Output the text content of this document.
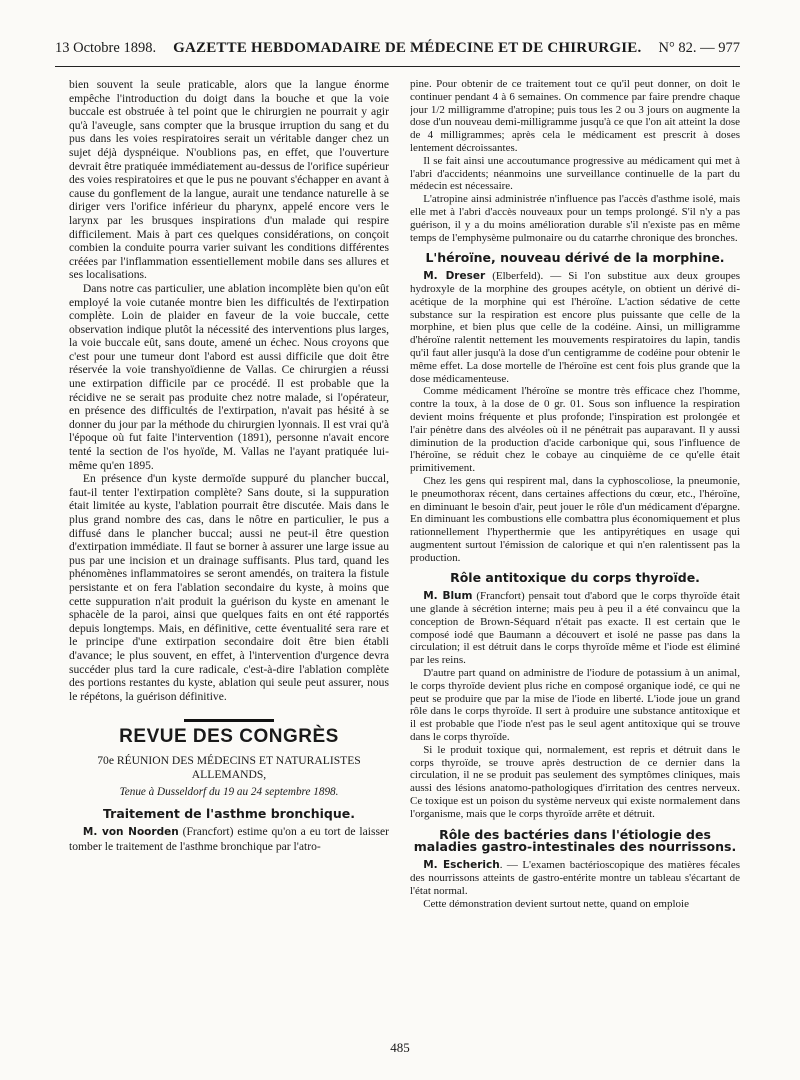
13 Octobre 1898. GAZETTE HEBDOMADAIRE DE MÉDECINE ET DE CHIRURGIE. N° 82. — 977

bien souvent la seule praticable, alors que la langue énorme empêche l'introduction du doigt dans la bouche et que la voie buccale est obstruée à tel point que le chirurgien ne pourrait y agir qu'à l'aveugle, sans compter que la brusque irruption du sang et du pus dans les voies respiratoires serait un véritable danger chez un sujet déjà dyspnéique. N'oublions pas, en effet, que l'ouverture devrait être pratiquée immédiatement au-dessus de l'orifice supérieur des voies respiratoires et que le pus ne pouvant s'échapper en avant à cause du gonflement de la langue, aurait une tendance naturelle à se diriger vers l'orifice inférieur du pharynx, appelé encore vers le larynx par les brusques inspirations d'un malade qui respire difficilement. Mais à part ces quelques considérations, on conçoit combien la conduite pourra varier suivant les conditions différentes créées par l'inflammation essentiellement mobile dans ses allures et ses localisations.

Dans notre cas particulier, une ablation incomplète bien qu'on eût employé la voie cutanée montre bien les difficultés de l'extirpation complète. Loin de plaider en faveur de la voie buccale, cette observation indique plutôt la nécessité des interventions plus larges, la voie buccale eût, sans doute, amené un échec. Nous croyons que c'est pour une tumeur dont l'abord est aussi difficile que doit être réservée la voie transhyoïdienne de Vallas. Ce chirurgien a réussi une extirpation difficile par ce procédé. Il est probable que la récidive ne se serait pas produite chez notre malade, si l'opérateur, en présence des difficultés de l'extirpation, n'avait pas hésité à se donner du jour par la méthode du chirurgien lyonnais. Il est vrai qu'à l'époque où fut faite l'intervention (1891), personne n'avait encore tenté la section de l'os hyoïde, M. Vallas ne l'ayant pratiquée lui-même qu'en 1895.

En présence d'un kyste dermoïde suppuré du plancher buccal, faut-il tenter l'extirpation complète? Sans doute, si la suppuration était limitée au kyste, l'ablation pourrait être discutée. Mais dans le plus grand nombre des cas, dans le nôtre en particulier, le pus a diffusé dans le plancher buccal; aussi ne peut-il être question d'extirpation immédiate. Il faut se borner à assurer une large issue au pus par une incision et un drainage suffisants. Plus tard, quand les phénomènes inflammatoires se seront amendés, on traitera la fistule persistante et on fera l'ablation secondaire du kyste, à moins que cette suppuration n'ait produit la guérison du kyste en amenant le sphacèle de la paroi, ainsi que quelques faits en ont été rapportés depuis longtemps. Mais, en définitive, cette éventualité sera rare et le principe d'une extirpation secondaire doit être bien établi d'avance; le plus souvent, en effet, à l'intervention d'urgence devra succéder plus tard la cure radicale, c'est-à-dire l'ablation complète des portions restantes du kyste, ablation qui seule peut assurer, nous le répétons, la guérison définitive.

REVUE DES CONGRÈS
70e RÉUNION DES MÉDECINS ET NATURALISTES ALLEMANDS,
Tenue à Dusseldorf du 19 au 24 septembre 1898.
Traitement de l'asthme bronchique.

M. von Noorden (Francfort) estime qu'on a eu tort de laisser tomber le traitement de l'asthme bronchique par l'atro-

pine. Pour obtenir de ce traitement tout ce qu'il peut donner, on doit le continuer pendant 4 à 6 semaines. On commence par faire prendre chaque jour 1/2 milligramme d'atropine; puis tous les 2 ou 3 jours on augmente la dose d'un nouveau demi-milligramme jusqu'à ce que l'on ait atteint la dose de 4 milligrammes; après cela le médicament est prescrit à doses lentement décroissantes.

Il se fait ainsi une accoutumance progressive au médicament qui met à l'abri d'accidents; néanmoins une surveillance continuelle de la part du médecin est nécessaire.

L'atropine ainsi administrée n'influence pas l'accès d'asthme isolé, mais elle met à l'abri d'accès nouveaux pour un temps prolongé. S'il n'y a pas guérison, il y a du moins amélioration durable s'il n'existe pas en même temps de l'emphysème pulmonaire ou du catarrhe chronique des bronches.

L'héroïne, nouveau dérivé de la morphine.

M. Dreser (Elberfeld). — Si l'on substitue aux deux groupes hydroxyle de la morphine des groupes acétyle, on obtient un dérivé di-acétique de la morphine qui est l'héroïne. L'action sédative de cette substance sur la respiration est encore plus puissante que celle de la morphine, et bien plus que celle de la codéine. Ainsi, un milligramme d'héroïne ralentit nettement les mouvements respiratoires du lapin, tandis qu'il faut aller jusqu'à la dose d'un centigramme de codéine pour obtenir le même effet. La dose mortelle de l'héroïne est cent fois plus grande que la dose médicamenteuse.

Comme médicament l'héroïne se montre très efficace chez l'homme, contre la toux, à la dose de 0 gr. 01. Sous son influence la respiration devient moins fréquente et plus profonde; l'inspiration est prolongée et l'air pénètre dans des alvéoles où il ne pénétrait pas auparavant. Il y aussi diminution de la production d'acide carbonique qui, sous l'influence de l'héroïne, se réduit chez le cobaye au cinquième de ce qu'elle était primitivement.

Chez les gens qui respirent mal, dans la cyphoscoliose, la pneumonie, le pneumothorax récent, dans certaines affections du cœur, etc., l'héroïne, en diminuant le besoin d'air, peut jouer le rôle d'un médicament d'épargne. En diminuant les combustions elle combattra plus économiquement et plus rationnellement l'hyperthermie que les antipyrétiques en usage qui augmentent surtout l'émission de calorique et qui n'en ralentissent pas la production.

Rôle antitoxique du corps thyroïde.

M. Blum (Francfort) pensait tout d'abord que le corps thyroïde était une glande à sécrétion interne; mais peu à peu il a été convaincu que la conception de Brown-Séquard n'était pas exacte. Il est certain que le composé iodé que Baumann a découvert et isolé ne passe pas dans la circulation; il est détruit dans le corps thyroïde même et l'iode est éliminé par les reins.

D'autre part quand on administre de l'iodure de potassium à un animal, le corps thyroïde devient plus riche en composé organique iodé, ce qui ne peut se produire que par la mise de l'iode en liberté. L'iode joue un grand rôle dans le corps thyroïde. Il sert à produire une substance antitoxique et il est probable que l'iode n'est pas le seul agent antitoxique qui se trouve dans le corps thyroïde.

Si le produit toxique qui, normalement, est repris et détruit dans le corps thyroïde, se trouve après destruction de ce dernier dans la circulation, il ne se produit pas seulement des symptômes cliniques, mais aussi des lésions anatomo-pathologiques d'irritation des centres nerveux. Ce toxique est un poison du système nerveux qui existe normalement dans l'organisme, mais que le corps thyroïde arrête et détruit.

Rôle des bactéries dans l'étiologie des maladies gastro-intestinales des nourrissons.

M. Escherich. — L'examen bactérioscopique des matières fécales des nourrissons atteints de gastro-entérite montre un tableau s'écartant de l'état normal.

Cette démonstration devient surtout nette, quand on emploie

485
